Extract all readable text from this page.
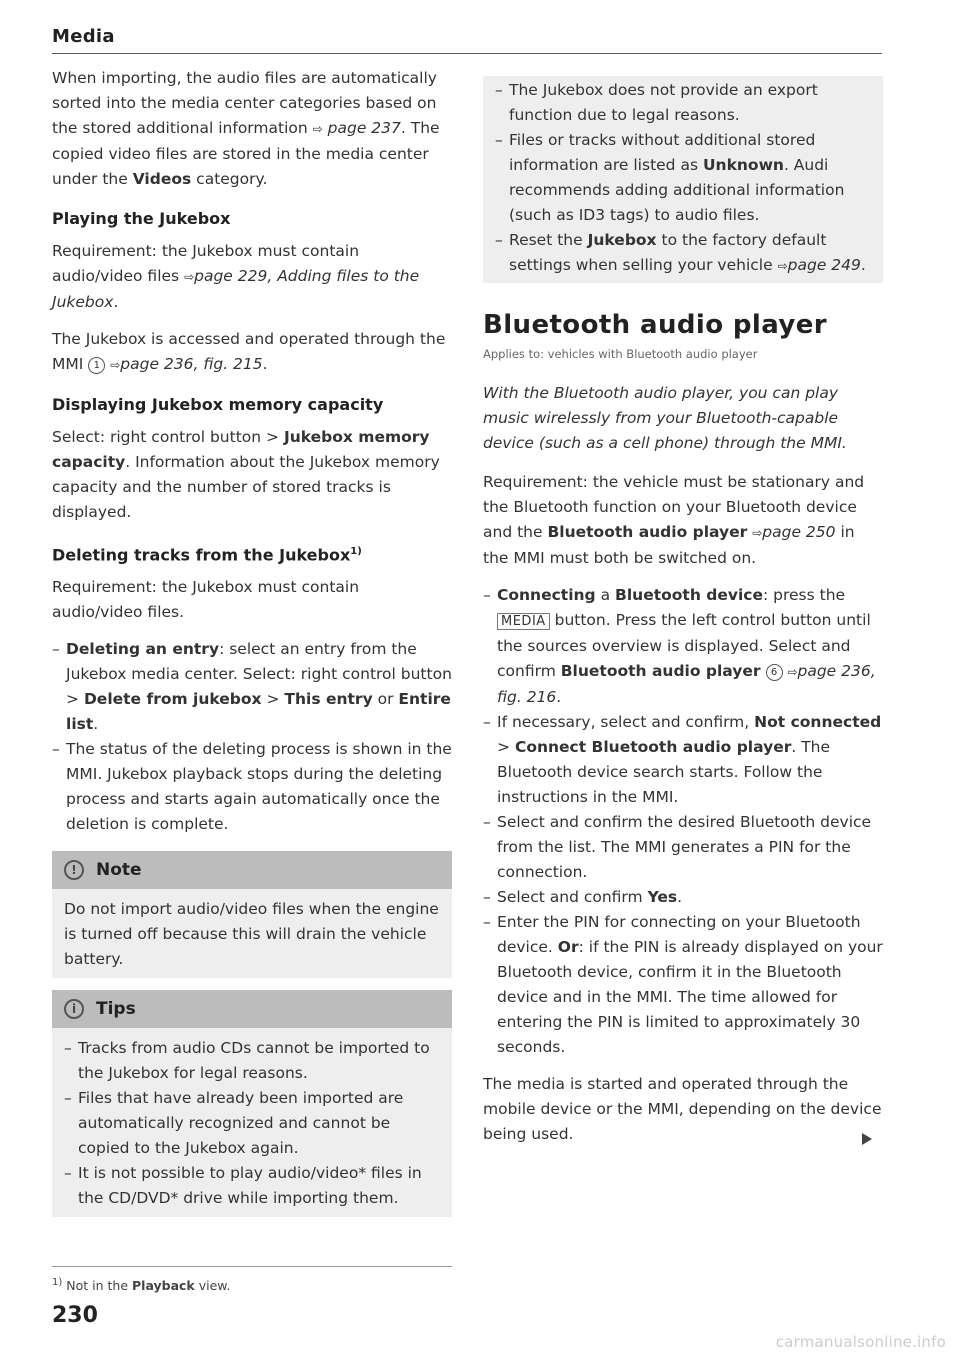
Media

When importing, the audio files are automatically sorted into the media center categories based on the stored additional information ⇨ page 237. The copied video files are stored in the media center under the Videos category.

Playing the Jukebox

Requirement: the Jukebox must contain audio/video files ⇨page 229, Adding files to the Jukebox.

The Jukebox is accessed and operated through the MMI 1 ⇨page 236, fig. 215.

Displaying Jukebox memory capacity

Select: right control button > Jukebox memory capacity. Information about the Jukebox memory capacity and the number of stored tracks is displayed.

Deleting tracks from the Jukebox$^{1)}$

Requirement: the Jukebox must contain audio/video files.

– Deleting an entry: select an entry from the Jukebox media center. Select: right control button > Delete from jukebox > This entry or Entire list.
– The status of the deleting process is shown in the MMI. Jukebox playback stops during the deleting process and starts again automatically once the deletion is complete.
!	Note
Do not import audio/video files when the engine is turned off because this will drain the vehicle battery.
i	Tips
– Tracks from audio CDs cannot be imported to the Jukebox for legal reasons.
– Files that have already been imported are automatically recognized and cannot be copied to the Jukebox again.
– It is not possible to play audio/video* files in the CD/DVD* drive while importing them.
– The Jukebox does not provide an export function due to legal reasons.
– Files or tracks without additional stored information are listed as Unknown. Audi recommends adding additional information (such as ID3 tags) to audio files.
– Reset the Jukebox to the factory default settings when selling your vehicle ⇨page 249.
Bluetooth audio player
Applies to: vehicles with Bluetooth audio player

With the Bluetooth audio player, you can play music wirelessly from your Bluetooth-capable device (such as a cell phone) through the MMI.

Requirement: the vehicle must be stationary and the Bluetooth function on your Bluetooth device and the Bluetooth audio player ⇨page 250 in the MMI must both be switched on.

– Connecting a Bluetooth device: press the MEDIA button. Press the left control button until the sources overview is displayed. Select and confirm Bluetooth audio player 6 ⇨page 236, fig. 216.
– If necessary, select and confirm, Not connected > Connect Bluetooth audio player. The Bluetooth device search starts. Follow the instructions in the MMI.
– Select and confirm the desired Bluetooth device from the list. The MMI generates a PIN for the connection.
– Select and confirm Yes.
– Enter the PIN for connecting on your Bluetooth device. Or: if the PIN is already displayed on your Bluetooth device, confirm it in the Bluetooth device and in the MMI. The time allowed for entering the PIN is limited to approximately 30 seconds.

The media is started and operated through the mobile device or the MMI, depending on the device being used.

$^{1)}$ Not in the Playback view.
230
carmanualsonline.info
